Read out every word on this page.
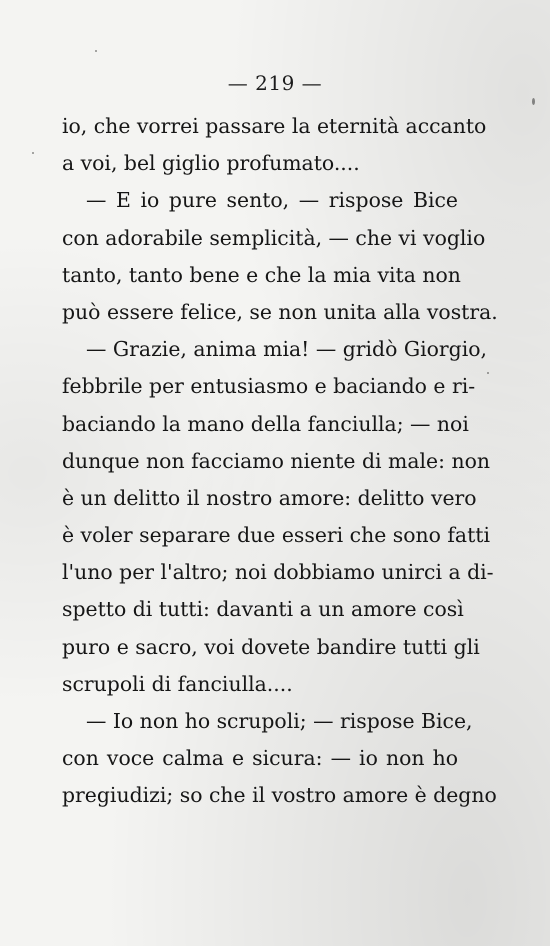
— 219 —
io, che vorrei passare la eternità accanto
a voi, bel giglio profumato....
— E io pure sento, — rispose Bice
con adorabile semplicità, — che vi voglio
tanto, tanto bene e che la mia vita non
può essere felice, se non unita alla vostra.
— Grazie, anima mia! — gridò Giorgio,
febbrile per entusiasmo e baciando e ri-
baciando la mano della fanciulla; — noi
dunque non facciamo niente di male: non
è un delitto il nostro amore: delitto vero
è voler separare due esseri che sono fatti
l'uno per l'altro; noi dobbiamo unirci a di-
spetto di tutti: davanti a un amore così
puro e sacro, voi dovete bandire tutti gli
scrupoli di fanciulla....
— Io non ho scrupoli; — rispose Bice,
con voce calma e sicura: — io non ho
pregiudizi; so che il vostro amore è degno
